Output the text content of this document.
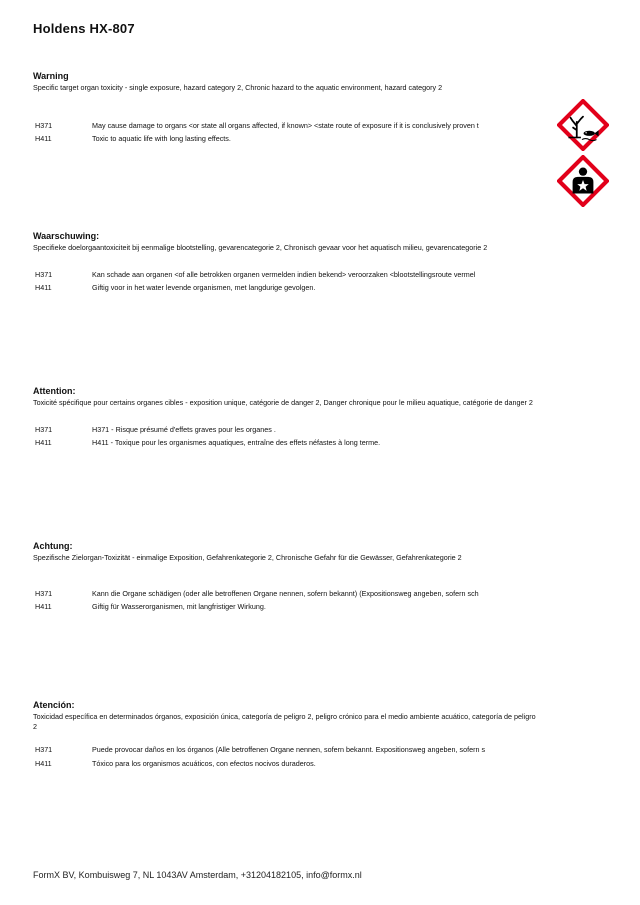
Holdens HX-807
Warning
Specific target organ toxicity - single exposure, hazard category 2, Chronic hazard to the aquatic environment, hazard category 2
H371	May cause damage to organs <or state all organs affected, if known> <state route of exposure if it is conclusively proven t
H411	Toxic to aquatic life with long lasting effects.
Waarschuwing:
Specifieke doelorgaantoxiciteit bij eenmalige blootstelling, gevarencategorie 2, Chronisch gevaar voor het aquatisch milieu, gevarencategorie 2
H371	Kan schade aan organen <of alle betrokken organen vermelden indien bekend> veroorzaken <blootstellingsroute vermel
H411	Giftig voor in het water levende organismen, met langdurige gevolgen.
Attention:
Toxicité spécifique pour certains organes cibles - exposition unique, catégorie de danger 2, Danger chronique pour le milieu aquatique, catégorie de danger 2
H371	H371 - Risque présumé d'effets graves pour les organes .
H411	H411 - Toxique pour les organismes aquatiques, entraîne des effets néfastes à long terme.
Achtung:
Spezifische Zielorgan-Toxizität - einmalige Exposition, Gefahrenkategorie 2, Chronische Gefahr für die Gewässer, Gefahrenkategorie 2
H371	Kann die Organe schädigen (oder alle betroffenen Organe nennen, sofern bekannt) (Expositionsweg angeben, sofern sch
H411	Giftig für Wasserorganismen, mit langfristiger Wirkung.
Atención:
Toxicidad específica en determinados órganos, exposición única, categoría de peligro 2, peligro crónico para el medio ambiente acuático, categoría de peligro 2
H371	Puede provocar daños en los órganos (Alle betroffenen Organe nennen, sofern bekannt. Expositionsweg angeben, sofern s
H411	Tóxico para los organismos acuáticos, con efectos nocivos duraderos.
FormX BV, Kombuisweg 7, NL 1043AV Amsterdam, +31204182105, info@formx.nl
